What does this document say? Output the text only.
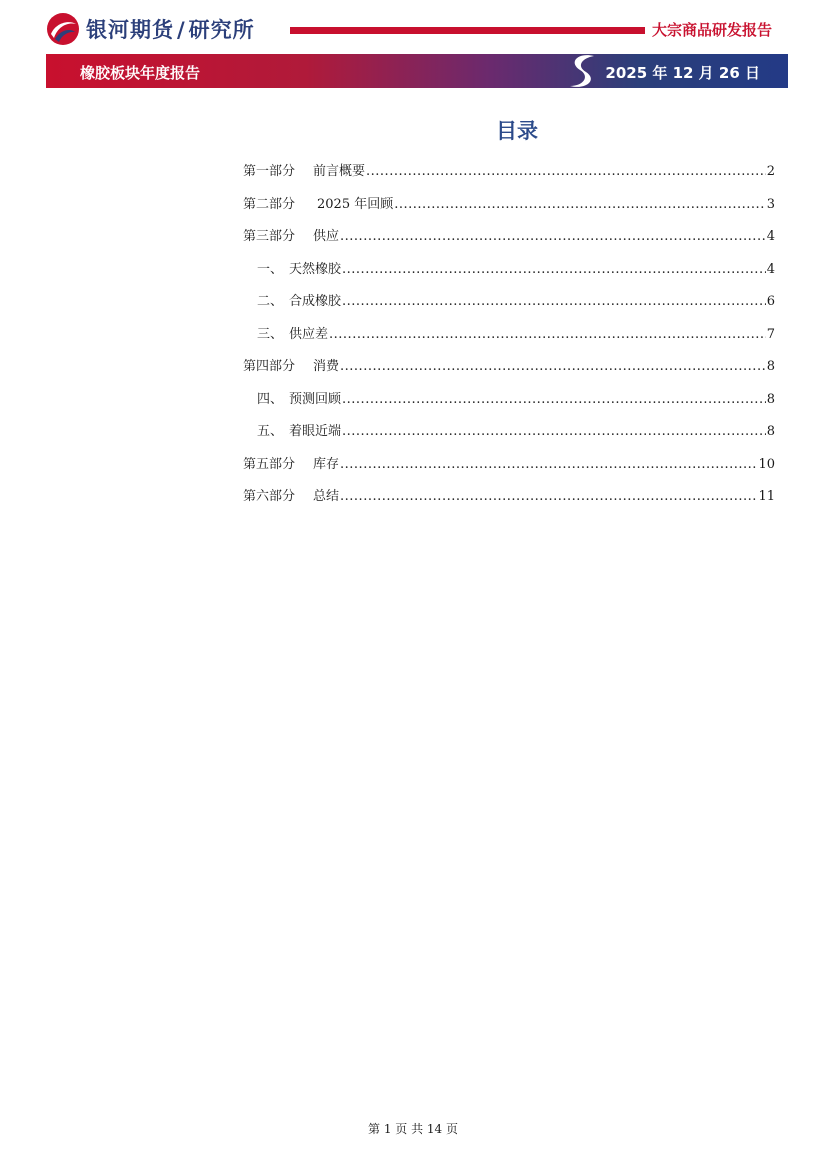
银河期货 / 研究所	大宗商品研发报告
橡胶板块年度报告	2025 年 12 月 26 日
目录
第一部分 前言概要 .....	2
第二部分 2025 年回顾 .....	3
第三部分 供应 .....	4
一、 天然橡胶 .....	4
二、 合成橡胶 .....	6
三、 供应差 .....	7
第四部分 消费 .....	8
四、 预测回顾 .....	8
五、 着眼近端 .....	8
第五部分 库存 .....	10
第六部分 总结 .....	11
第 1 页 共 14 页
